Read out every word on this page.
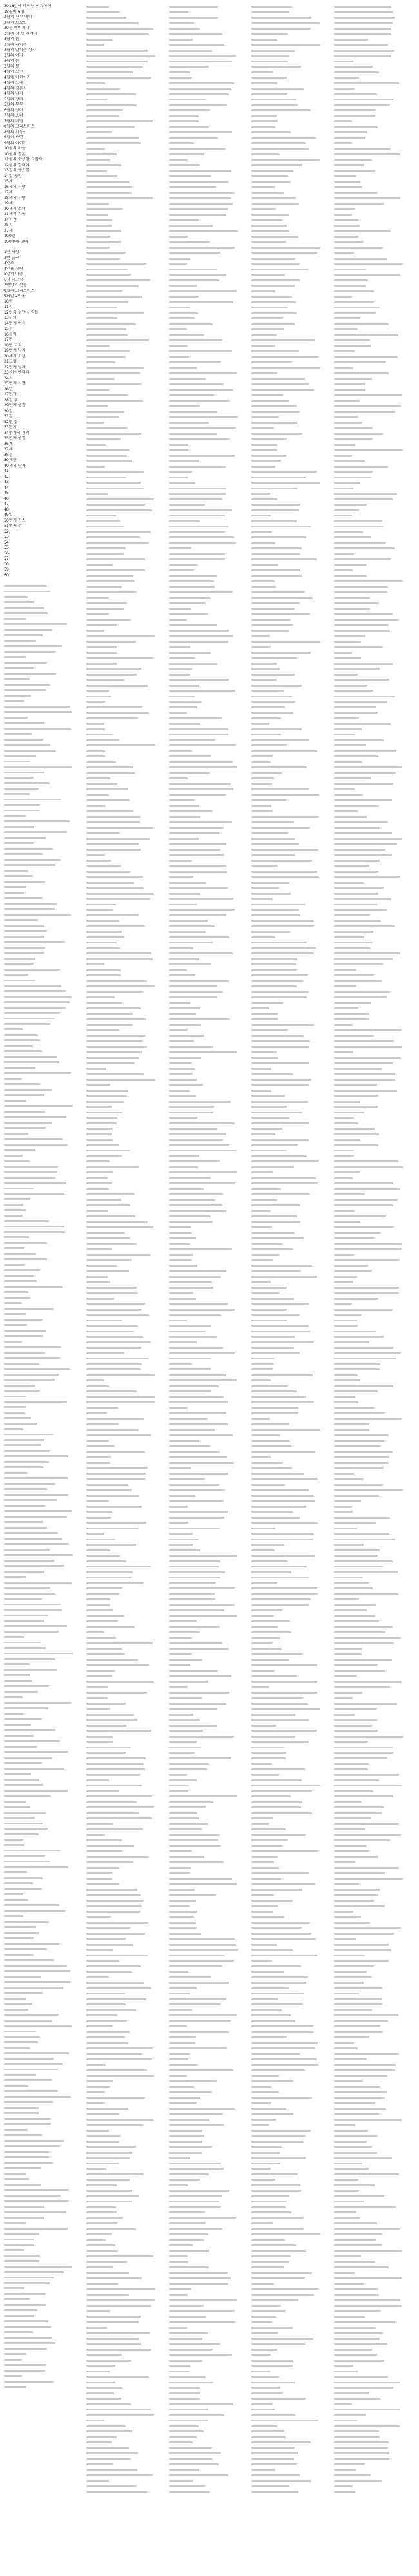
2018년에 태어난 여자아이
18월에 6명
2월의 신부 내니
2월의 토요일
30분 메이지나
3월의 장 선 이야기
3월의 봄
3월의 라이온
3월의 말하는 상자
3월의 여자
3월의 눈
3월의 물
4월이 오면
4월에 어린이가
4월의 노래
4월의 결혼식
4월의 남작
5월의 장미
5월의 부부
6월의 장마
7월의 소녀
7월의 비밀
8월의 크리스마스
8월의 서동이
9월이 오면
9월의 이야기
10월의 하늘
10월의 결혼
11월의 수상한 그림자
12월의 열대야
13일의 금요일
14일 동안
15세
16세의 사랑
17세
18세의 사랑
19세
20세기 소녀
21세기 가족
24시간
25시
27세
100일
100번째 고백
1번 사양
2번 출구
3인조
4인용 식탁
5일의 마중
6시 내고향
7번방의 선물
8월의 크리스마스
9회말 2아웃
10억
11시
12인의 성난 사람들
13구역
14번째 여름
15분
16블럭
17번
18번 고리
19번째 남자
20세기 소년
21그램
22번째 남자
23 아이덴티티
24시
25번째 시간
26년
27번가
28일 후
29번째 생일
30일
31일
32번 집
33번지
34번가의 기적
35번째 생일
36계
37세
38선
39계단
40세의 남자
41
42
43
44
45
46
47
48
49일
50번째 키스
51번째 주
52
53
54
55
56
57
58
59
60
